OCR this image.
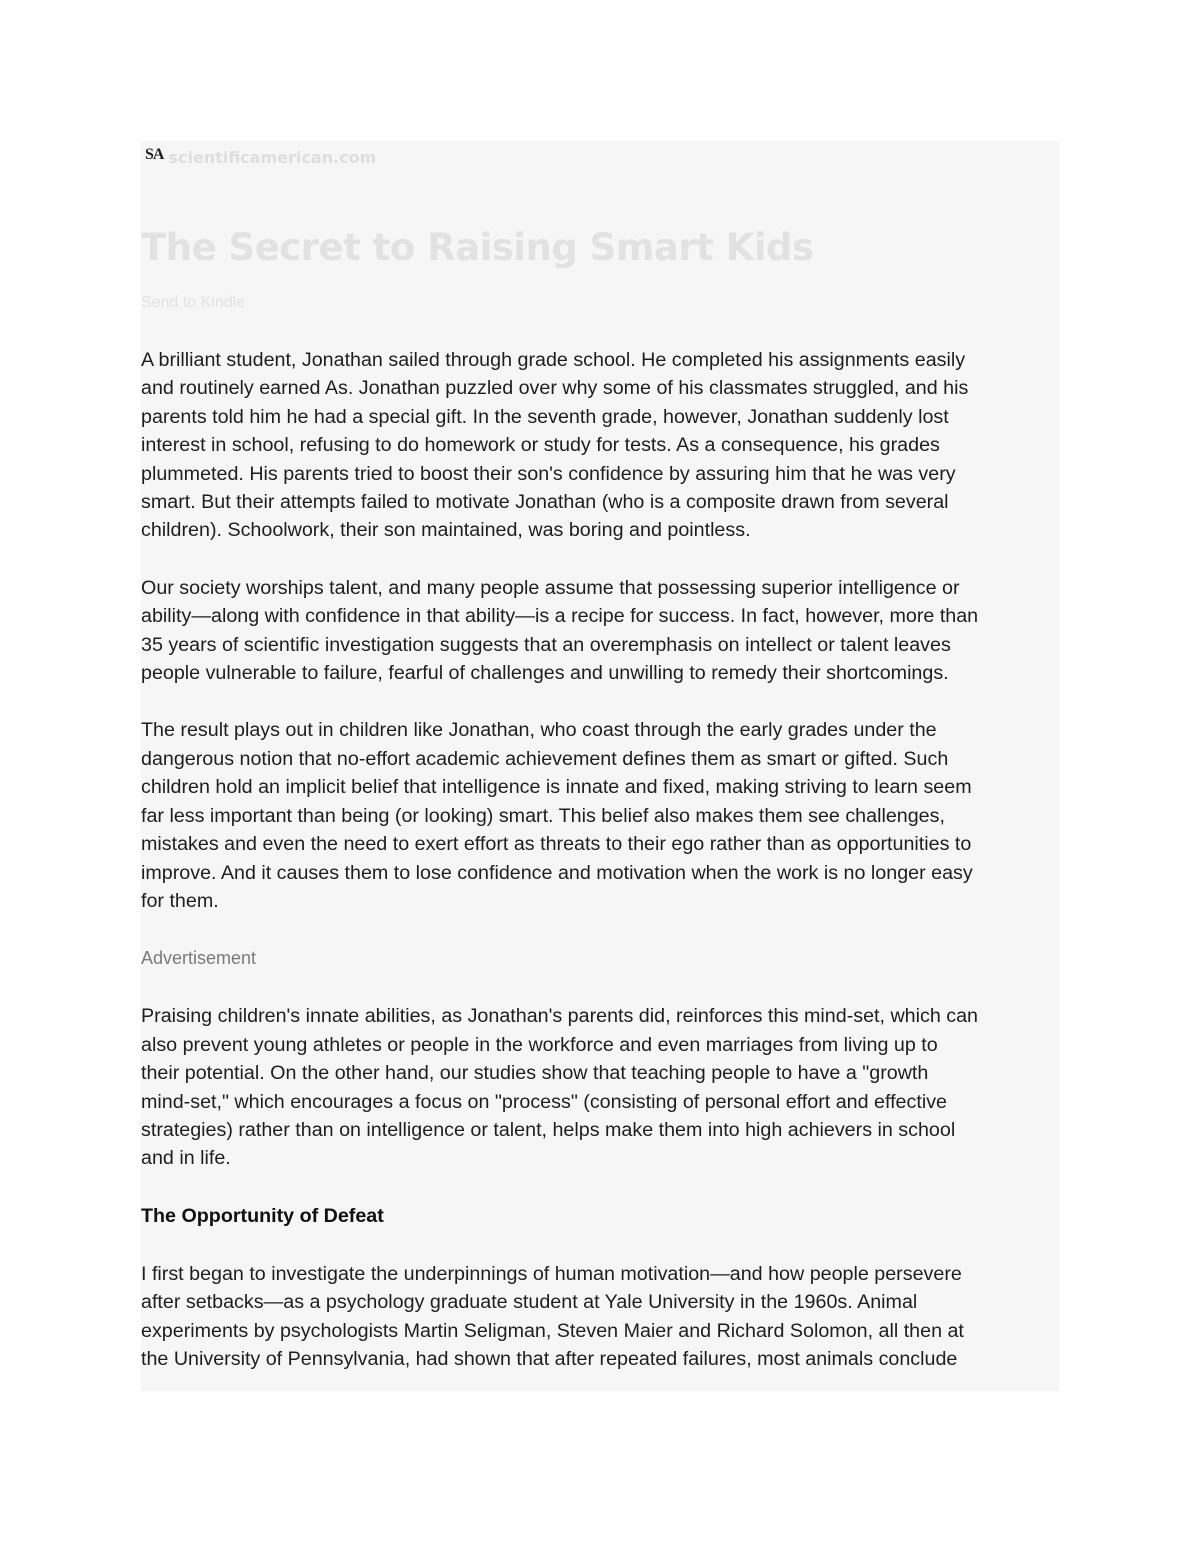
SA scientificamerican.com
The Secret to Raising Smart Kids
Send to Kindle

A brilliant student, Jonathan sailed through grade school. He completed his assignments easily
and routinely earned As. Jonathan puzzled over why some of his classmates struggled, and his
parents told him he had a special gift. In the seventh grade, however, Jonathan suddenly lost
interest in school, refusing to do homework or study for tests. As a consequence, his grades
plummeted. His parents tried to boost their son's confidence by assuring him that he was very
smart. But their attempts failed to motivate Jonathan (who is a composite drawn from several
children). Schoolwork, their son maintained, was boring and pointless.

Our society worships talent, and many people assume that possessing superior intelligence or
ability—along with confidence in that ability—is a recipe for success. In fact, however, more than
35 years of scientific investigation suggests that an overemphasis on intellect or talent leaves
people vulnerable to failure, fearful of challenges and unwilling to remedy their shortcomings.

The result plays out in children like Jonathan, who coast through the early grades under the
dangerous notion that no-effort academic achievement defines them as smart or gifted. Such
children hold an implicit belief that intelligence is innate and fixed, making striving to learn seem
far less important than being (or looking) smart. This belief also makes them see challenges,
mistakes and even the need to exert effort as threats to their ego rather than as opportunities to
improve. And it causes them to lose confidence and motivation when the work is no longer easy
for them.

Advertisement

Praising children's innate abilities, as Jonathan's parents did, reinforces this mind-set, which can
also prevent young athletes or people in the workforce and even marriages from living up to
their potential. On the other hand, our studies show that teaching people to have a "growth
mind-set," which encourages a focus on "process" (consisting of personal effort and effective
strategies) rather than on intelligence or talent, helps make them into high achievers in school
and in life.

The Opportunity of Defeat

I first began to investigate the underpinnings of human motivation—and how people persevere
after setbacks—as a psychology graduate student at Yale University in the 1960s. Animal
experiments by psychologists Martin Seligman, Steven Maier and Richard Solomon, all then at
the University of Pennsylvania, had shown that after repeated failures, most animals conclude
